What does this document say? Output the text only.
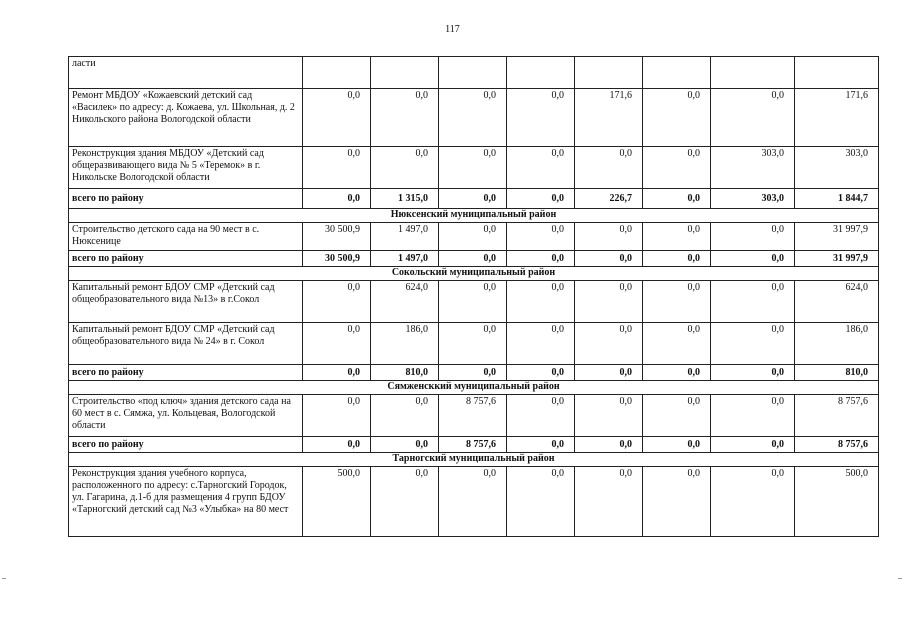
117
ласти								
Ремонт МБДОУ «Кожаевский детский сад «Василек» по адресу: д. Кожаева, ул. Школьная, д. 2 Никольского района Вологодской области	0,0	0,0	0,0	0,0	171,6	0,0	0,0	171,6
Реконструкция здания МБДОУ «Детский сад общеразвивающего вида № 5 «Теремок» в г. Никольске Вологодской области	0,0	0,0	0,0	0,0	0,0	0,0	303,0	303,0
всего по району	0,0	1 315,0	0,0	0,0	226,7	0,0	303,0	1 844,7
Нюксенский муниципальный район								
Строительство детского сада на 90 мест в с. Нюксенице	30 500,9	1 497,0	0,0	0,0	0,0	0,0	0,0	31 997,9
всего по району	30 500,9	1 497,0	0,0	0,0	0,0	0,0	0,0	31 997,9
Сокольский муниципальный район								
Капитальный ремонт БДОУ СМР «Детский сад общеобразовательного вида №13» в г.Сокол	0,0	624,0	0,0	0,0	0,0	0,0	0,0	624,0
Капитальный ремонт БДОУ СМР «Детский сад общеобразовательного вида № 24» в г. Сокол	0,0	186,0	0,0	0,0	0,0	0,0	0,0	186,0
всего по району	0,0	810,0	0,0	0,0	0,0	0,0	0,0	810,0
Сямженсккий муниципальный район								
Строительство «под ключ» здания детского сада на 60 мест в с. Сямжа, ул. Кольцевая, Вологодской области	0,0	0,0	8 757,6	0,0	0,0	0,0	0,0	8 757,6
всего по району	0,0	0,0	8 757,6	0,0	0,0	0,0	0,0	8 757,6
Тарногский муниципальный район								
Реконструкция здания учебного корпуса, расположенного по адресу: с.Тарногский Городок, ул. Гагарина, д.1-б для размещения 4 групп БДОУ «Тарногский детский сад №3 «Улыбка» на 80 мест	500,0	0,0	0,0	0,0	0,0	0,0	0,0	500,0
